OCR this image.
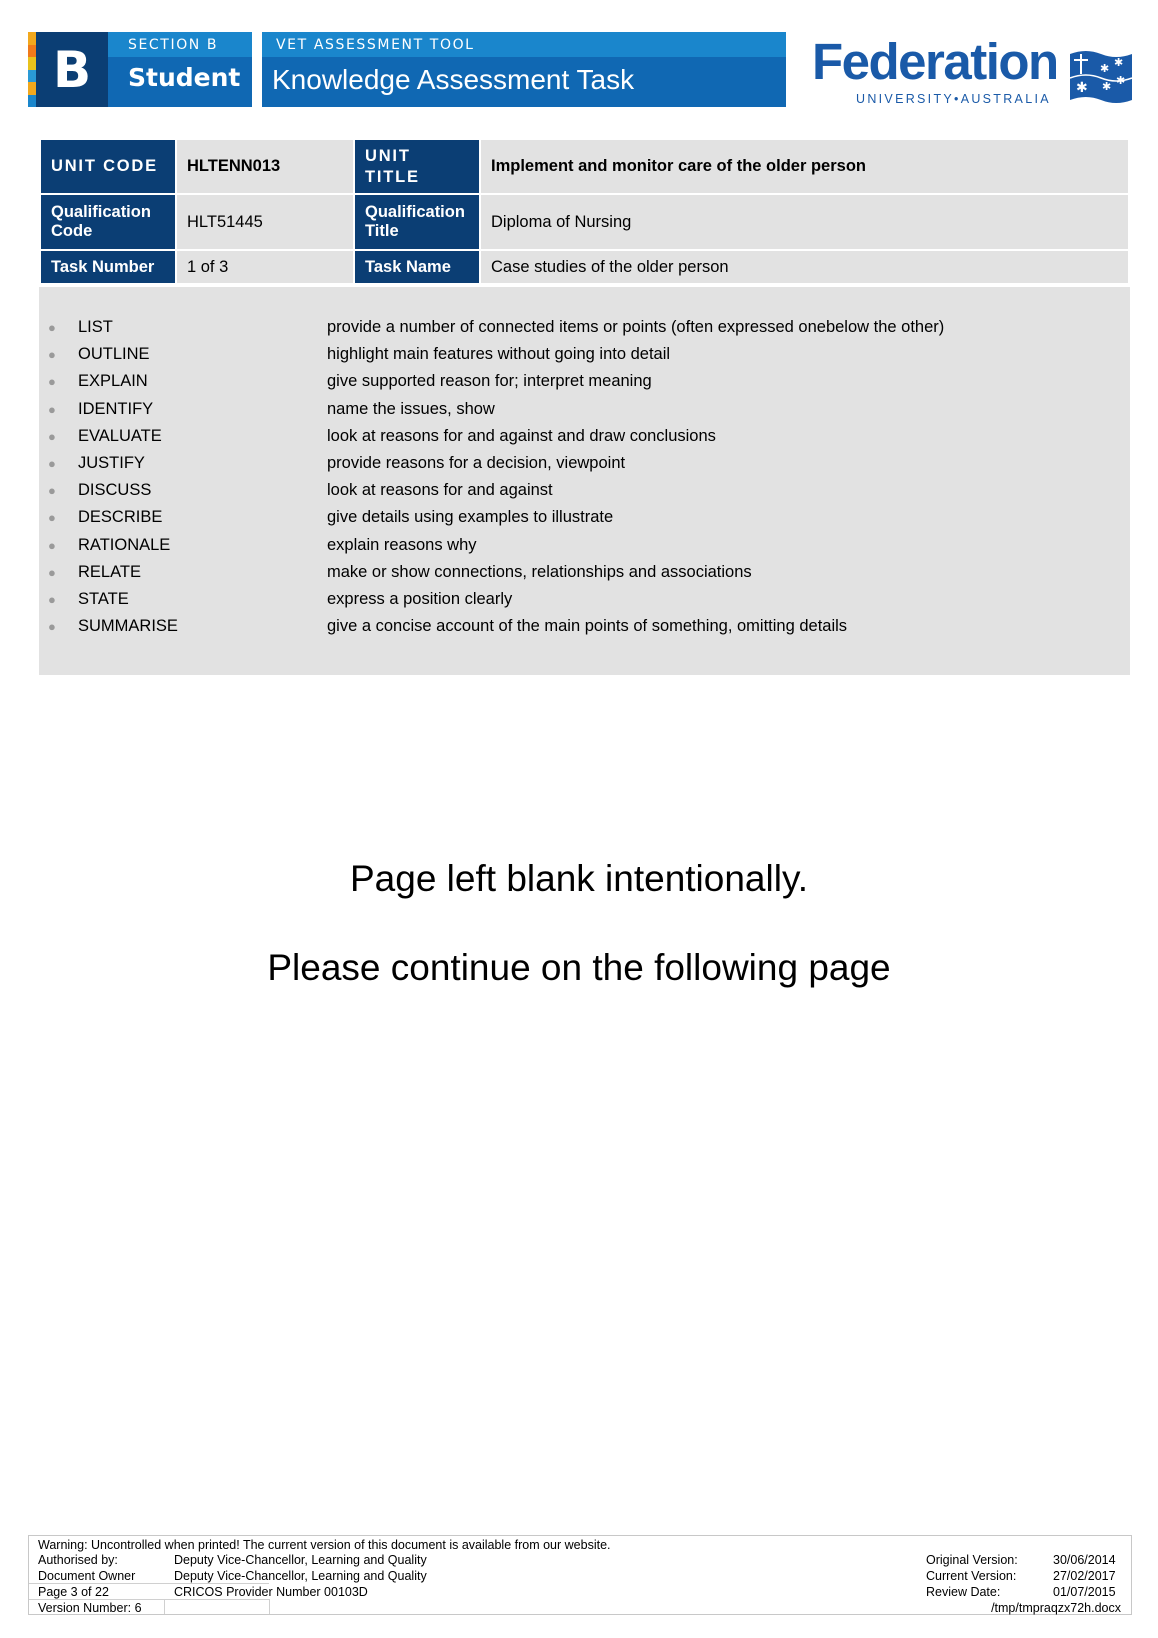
B	SECTION B
Student
VET ASSESSMENT TOOL
Knowledge Assessment Task	Federation
UNIVERSITY•AUSTRALIA
✱
✱ ✱
✱ ✱
UNIT CODE	HLTENN013	UNIT TITLE	Implement and monitor care of the older person
Qualification Code	HLT51445	Qualification Title	Diploma of Nursing
Task Number	1 of 3	Task Name	Case studies of the older person
● LIST	provide a number of connected items or points (often expressed onebelow the other)
● OUTLINE	highlight main features without going into detail
● EXPLAIN	give supported reason for; interpret meaning
● IDENTIFY	name the issues, show
● EVALUATE	look at reasons for and against and draw conclusions
● JUSTIFY	provide reasons for a decision, viewpoint
● DISCUSS	look at reasons for and against
● DESCRIBE	give details using examples to illustrate
● RATIONALE	explain reasons why
● RELATE	make or show connections, relationships and associations
● STATE	express a position clearly
● SUMMARISE	give a concise account of the main points of something, omitting details
Page left blank intentionally.
Please continue on the following page
Warning: Uncontrolled when printed! The current version of this document is available from our website.
Authorised by:	Deputy Vice-Chancellor, Learning and Quality
Document Owner	Deputy Vice-Chancellor, Learning and Quality
Page 3 of 22	CRICOS Provider Number 00103D
Version Number: 6
Original Version:	30/06/2014
Current Version:	27/02/2017
Review Date:	01/07/2015
/tmp/tmpraqzx72h.docx
